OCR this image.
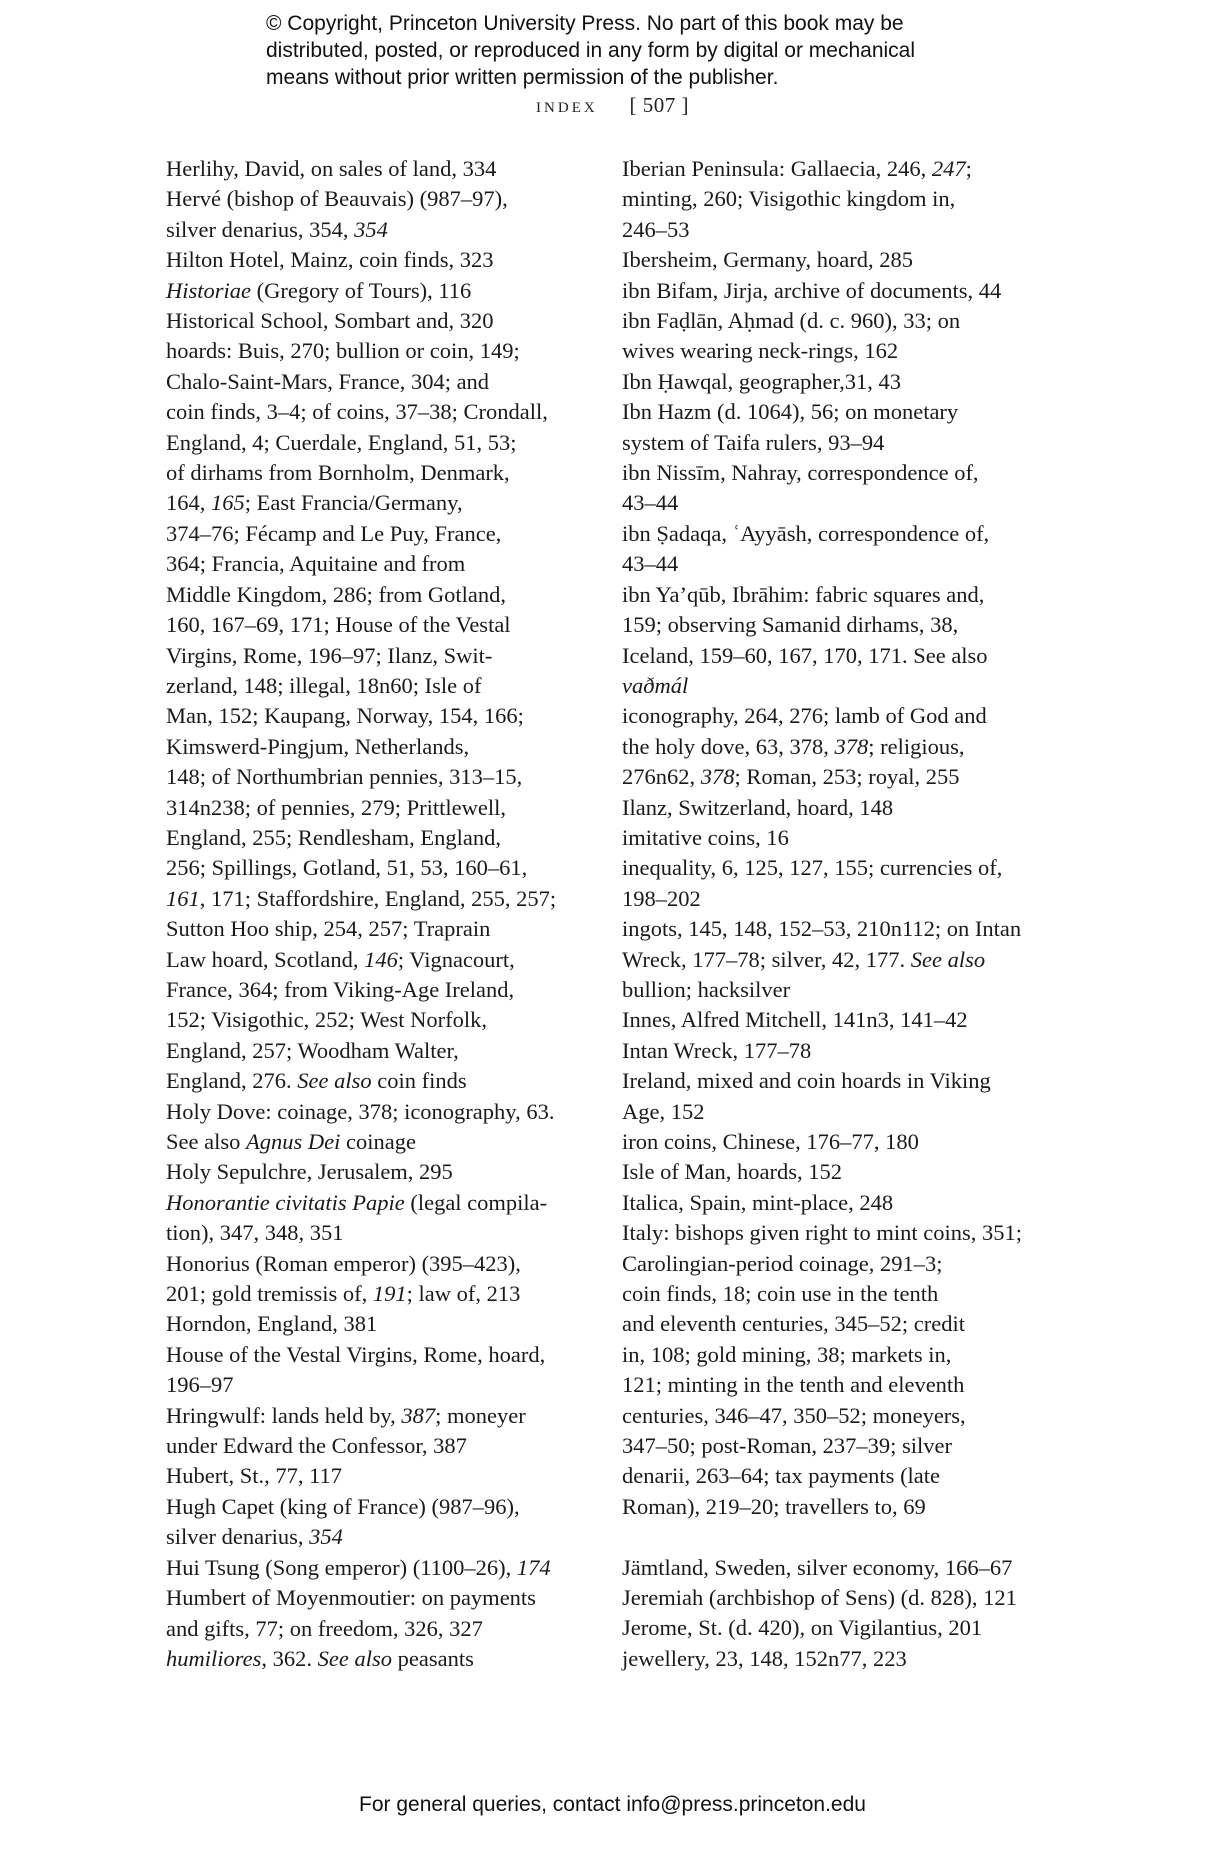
© Copyright, Princeton University Press. No part of this book may be
distributed, posted, or reproduced in any form by digital or mechanical
means without prior written permission of the publisher.
index [ 507 ]
Herlihy, David, on sales of land, 334
Hervé (bishop of Beauvais) (987–97),
silver denarius, 354, 354
Hilton Hotel, Mainz, coin finds, 323
Historiae (Gregory of Tours), 116
Historical School, Sombart and, 320
hoards: Buis, 270; bullion or coin, 149;
Chalo-Saint-Mars, France, 304; and
coin finds, 3–4; of coins, 37–38; Crondall,
England, 4; Cuerdale, England, 51, 53;
of dirhams from Bornholm, Denmark,
164, 165; East Francia/Germany,
374–76; Fécamp and Le Puy, France,
364; Francia, Aquitaine and from
Middle Kingdom, 286; from Gotland,
160, 167–69, 171; House of the Vestal
Virgins, Rome, 196–97; Ilanz, Swit-
zerland, 148; illegal, 18n60; Isle of
Man, 152; Kaupang, Norway, 154, 166;
Kimswerd-Pingjum, Netherlands,
148; of Northumbrian pennies, 313–15,
314n238; of pennies, 279; Prittlewell,
England, 255; Rendlesham, England,
256; Spillings, Gotland, 51, 53, 160–61,
161, 171; Staffordshire, England, 255, 257;
Sutton Hoo ship, 254, 257; Traprain
Law hoard, Scotland, 146; Vignacourt,
France, 364; from Viking-Age Ireland,
152; Visigothic, 252; West Norfolk,
England, 257; Woodham Walter,
England, 276. See also coin finds
Holy Dove: coinage, 378; iconography, 63.
See also Agnus Dei coinage
Holy Sepulchre, Jerusalem, 295
Honorantie civitatis Papie (legal compila-
tion), 347, 348, 351
Honorius (Roman emperor) (395–423),
201; gold tremissis of, 191; law of, 213
Horndon, England, 381
House of the Vestal Virgins, Rome, hoard,
196–97
Hringwulf: lands held by, 387; moneyer
under Edward the Confessor, 387
Hubert, St., 77, 117
Hugh Capet (king of France) (987–96),
silver denarius, 354
Hui Tsung (Song emperor) (1100–26), 174
Humbert of Moyenmoutier: on payments
and gifts, 77; on freedom, 326, 327
humiliores, 362. See also peasants
Iberian Peninsula: Gallaecia, 246, 247;
minting, 260; Visigothic kingdom in,
246–53
Ibersheim, Germany, hoard, 285
ibn Bifam, Jirja, archive of documents, 44
ibn Faḍlān, Aḥmad (d. c. 960), 33; on
wives wearing neck-rings, 162
Ibn Ḥawqal, geographer,31, 43
Ibn Hazm (d. 1064), 56; on monetary
system of Taifa rulers, 93–94
ibn Nissīm, Nahray, correspondence of,
43–44
ibn Ṣadaqa, ʿAyyāsh, correspondence of,
43–44
ibn Ya’qūb, Ibrāhim: fabric squares and,
159; observing Samanid dirhams, 38,
Iceland, 159–60, 167, 170, 171. See also
vaðmál
iconography, 264, 276; lamb of God and
the holy dove, 63, 378, 378; religious,
276n62, 378; Roman, 253; royal, 255
Ilanz, Switzerland, hoard, 148
imitative coins, 16
inequality, 6, 125, 127, 155; currencies of,
198–202
ingots, 145, 148, 152–53, 210n112; on Intan
Wreck, 177–78; silver, 42, 177. See also
bullion; hacksilver
Innes, Alfred Mitchell, 141n3, 141–42
Intan Wreck, 177–78
Ireland, mixed and coin hoards in Viking
Age, 152
iron coins, Chinese, 176–77, 180
Isle of Man, hoards, 152
Italica, Spain, mint-place, 248
Italy: bishops given right to mint coins, 351;
Carolingian-period coinage, 291–3;
coin finds, 18; coin use in the tenth
and eleventh centuries, 345–52; credit
in, 108; gold mining, 38; markets in,
121; minting in the tenth and eleventh
centuries, 346–47, 350–52; moneyers,
347–50; post-Roman, 237–39; silver
denarii, 263–64; tax payments (late
Roman), 219–20; travellers to, 69
Jämtland, Sweden, silver economy, 166–67
Jeremiah (archbishop of Sens) (d. 828), 121
Jerome, St. (d. 420), on Vigilantius, 201
jewellery, 23, 148, 152n77, 223
For general queries, contact info@press.princeton.edu
